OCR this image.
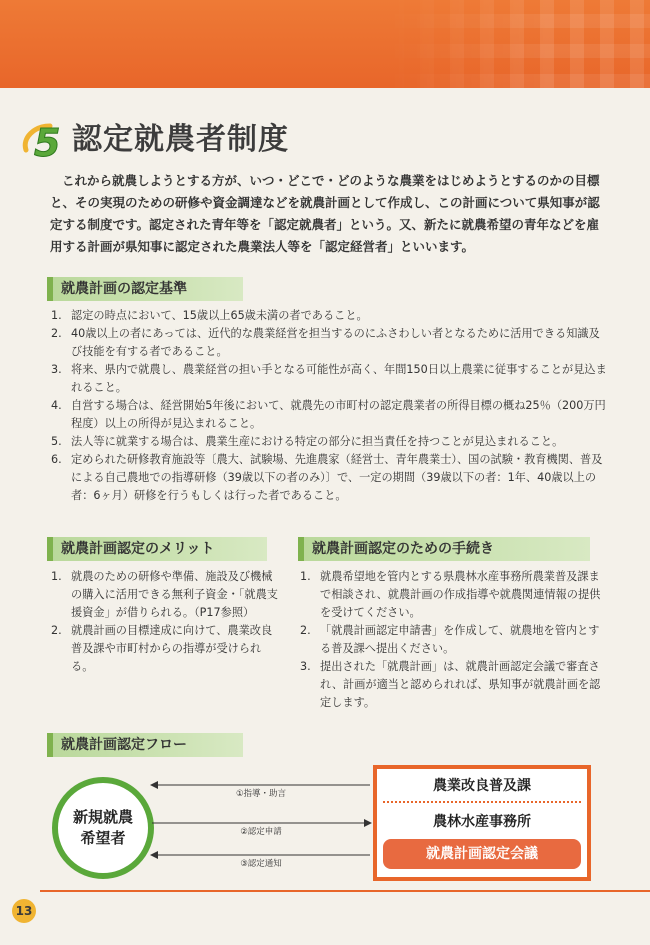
5 認定就農者制度

これから就農しようとする方が、いつ・どこで・どのような農業をはじめようとするのかの目標と、その実現のための研修や資金調達などを就農計画として作成し、この計画について県知事が認定する制度です。認定された青年等を「認定就農者」という。又、新たに就農希望の青年などを雇用する計画が県知事に認定された農業法人等を「認定経営者」といいます。

就農計画の認定基準
1. 認定の時点において、15歳以上65歳未満の者であること。
2. 40歳以上の者にあっては、近代的な農業経営を担当するのにふさわしい者となるために活用できる知識及び技能を有する者であること。
3. 将来、県内で就農し、農業経営の担い手となる可能性が高く、年間150日以上農業に従事することが見込まれること。
4. 自営する場合は、経営開始5年後において、就農先の市町村の認定農業者の所得目標の概ね25％（200万円程度）以上の所得が見込まれること。
5. 法人等に就業する場合は、農業生産における特定の部分に担当責任を持つことが見込まれること。
6. 定められた研修教育施設等〔農大、試験場、先進農家（経営士、青年農業士）、国の試験・教育機関、普及による自己農地での指導研修（39歳以下の者のみ）〕で、一定の期間（39歳以下の者：1年、40歳以上の者：6ヶ月）研修を行うもしくは行った者であること。
就農計画認定のメリット
1. 就農のための研修や準備、施設及び機械の購入に活用できる無利子資金・「就農支援資金」が借りられる。（P17参照）
2. 就農計画の目標達成に向けて、農業改良普及課や市町村からの指導が受けられる。
就農計画認定のための手続き
1. 就農希望地を管内とする県農林水産事務所農業普及課まで相談され、就農計画の作成指導や就農関連情報の提供を受けてください。
2. 「就農計画認定申請書」を作成して、就農地を管内とする普及課へ提出ください。
3. 提出された「就農計画」は、就農計画認定会議で審査され、計画が適当と認められれば、県知事が就農計画を認定します。
就農計画認定フロー
新規就農
希望者
①指導・助言
②認定申請
③認定通知
農業改良普及課
農林水産事務所
就農計画認定会議
13
